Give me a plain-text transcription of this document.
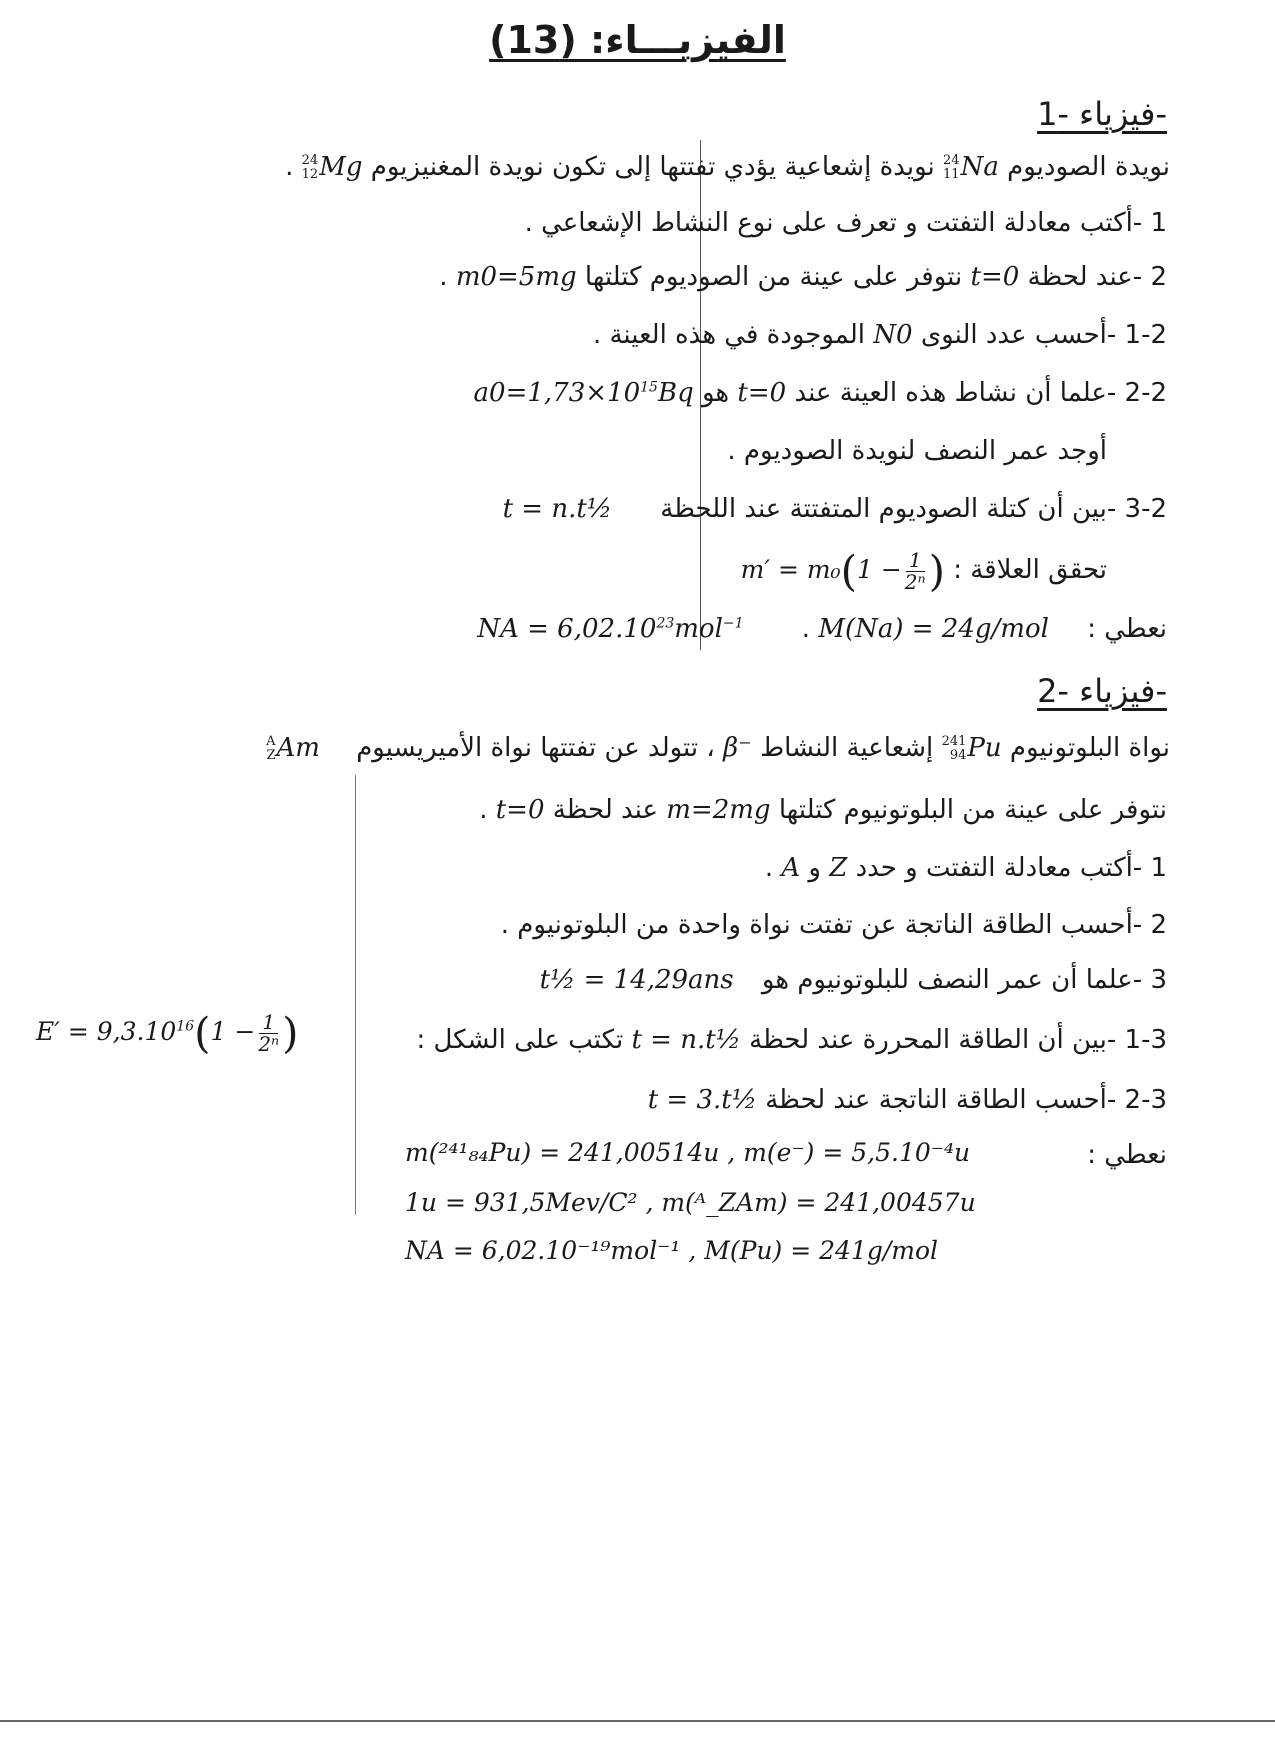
الفيزيـــاء: (13)
فيزياء -1-
نويدة الصوديوم
24
11 Na
نويدة إشعاعية يؤدي تفتتها إلى تكون نويدة المغنيزيوم
24
12 Mg
.
1 -أكتب معادلة التفتت و تعرف على نوع النشاط الإشعاعي .
2 -عند لحظة t=0 نتوفر على عينة من الصوديوم كتلتها m0=5mg .
1-2 -أحسب عدد النوى N0 الموجودة في هذه العينة .
2-2 -علما أن نشاط هذه العينة عند t=0 هو $a0=1,73\times 10^{15}Bq$
أوجد عمر النصف لنويدة الصوديوم .
3-2 -بين أن كتلة الصوديوم المتفتتة عند اللحظة t = n.t½
تحقق العلاقة : $m' = m_0(1 - \frac{1}{\text{2ⁿ}}$ )
نعطي : M(Na) = 24g/mol . NA = $6,02.10^{23}mol^{-1}$
فيزياء -2-
نواة البلوتونيوم
241
94 Pu
إشعاعية النشاط β⁻ ، تتولد عن تفتتها نواة الأميريسيوم
A
Z Am
نتوفر على عينة من البلوتونيوم كتلتها m=2mg عند لحظة t=0 .
1 -أكتب معادلة التفتت و حدد Z و A .
2 -أحسب الطاقة الناتجة عن تفتت نواة واحدة من البلوتونيوم .
3 -علما أن عمر النصف للبلوتونيوم هو t½ = 14,29ans
1-3 -بين أن الطاقة المحررة عند لحظة t = n.t½ تكتب على الشكل :
$E' = 9,3.10^{16}(1 - \frac{1}{\text{2ⁿ}}$ )
2-3 -أحسب الطاقة الناتجة عند لحظة t = 3.t½
نعطي :
m(²⁴¹₈₄Pu) = 241,00514u , m(e⁻) = 5,5.10⁻⁴u
1u = 931,5Mev/C² , m(ᴬ_ZAm) = 241,00457u
NA = 6,02.10⁻¹⁹mol⁻¹ , M(Pu) = 241g/mol
